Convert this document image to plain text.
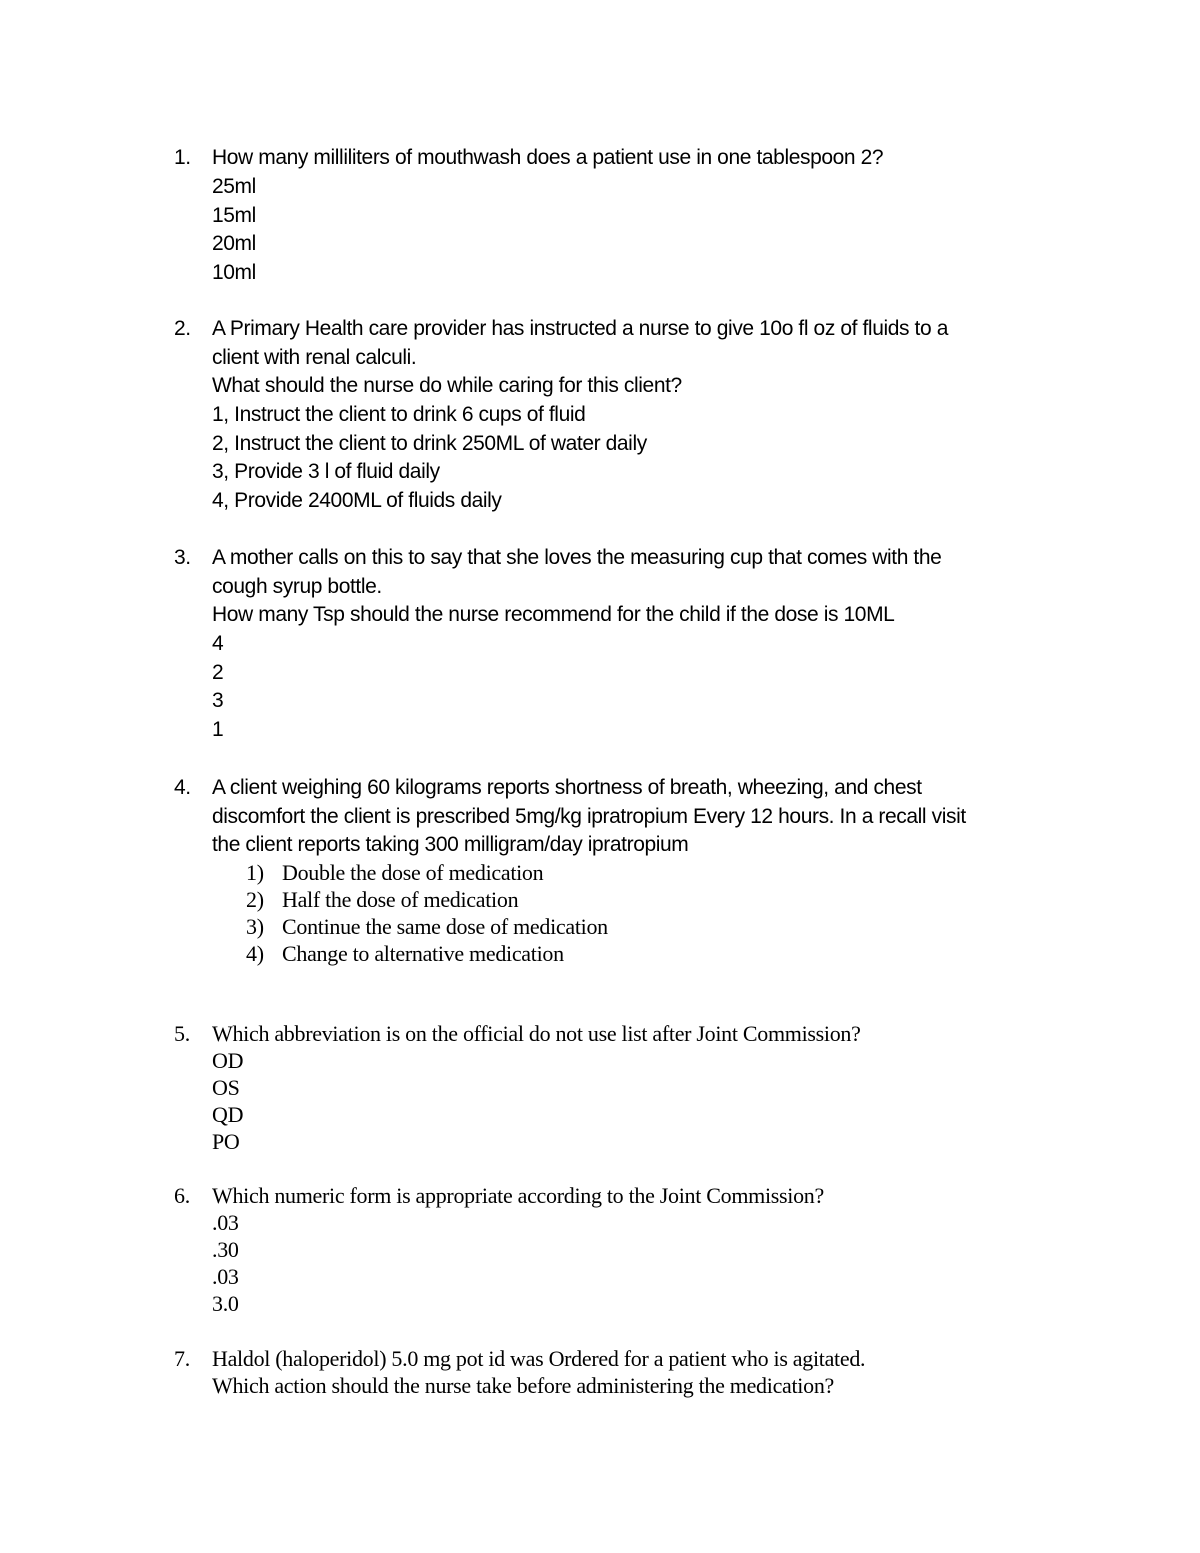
1. How many milliliters of mouthwash does a patient use in one tablespoon 2?
25ml
15ml
20ml
10ml
2. A Primary Health care provider has instructed a nurse to give 10o fl oz of fluids to a
client with renal calculi.
What should the nurse do while caring for this client?
1, Instruct the client to drink 6 cups of fluid
2, Instruct the client to drink 250ML of water daily
3, Provide 3 l of fluid daily
4, Provide 2400ML of fluids daily
3. A mother calls on this to say that she loves the measuring cup that comes with the
cough syrup bottle.
How many Tsp should the nurse recommend for the child if the dose is 10ML
4
2
3
1
4. A client weighing 60 kilograms reports shortness of breath, wheezing, and chest
discomfort the client is prescribed 5mg/kg ipratropium Every 12 hours. In a recall visit
the client reports taking 300 milligram/day ipratropium
1) Double the dose of medication
2) Half the dose of medication
3) Continue the same dose of medication
4) Change to alternative medication
5. Which abbreviation is on the official do not use list after Joint Commission?
OD
OS
QD
PO
6. Which numeric form is appropriate according to the Joint Commission?
.03
.30
.03
3.0
7. Haldol (haloperidol) 5.0 mg pot id was Ordered for a patient who is agitated.
Which action should the nurse take before administering the medication?
